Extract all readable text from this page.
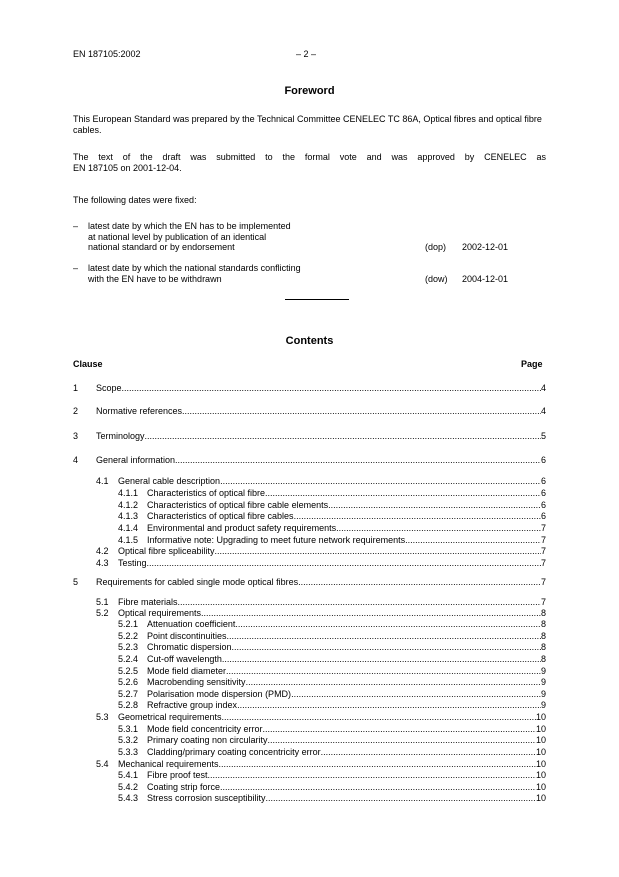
EN 187105:2002	– 2 –
Foreword
This European Standard was prepared by the Technical Committee CENELEC TC 86A, Optical fibres and optical fibre cables.
The text of the draft was submitted to the formal vote and was approved by CENELEC as
EN 187105 on 2001-12-04.
The following dates were fixed:
– latest date by which the EN has to be implemented
at national level by publication of an identical
national standard or by endorsement	(dop) 2002-12-01
– latest date by which the national standards conflicting
with the EN have to be withdrawn	(dow) 2004-12-01
Contents
Clause	Page
1	Scope .....	4
2	Normative references .....	4
3	Terminology .....	5
4	General information .....	6
4.1	General cable description .....	6
4.1.1 Characteristics of optical fibre .....	6
4.1.2 Characteristics of optical fibre cable elements .....	6
4.1.3 Characteristics of optical fibre cables .....	6
4.1.4 Environmental and product safety requirements .....	7
4.1.5 Informative note: Upgrading to meet future network requirements .....	7
4.2	Optical fibre spliceability .....	7
4.3	Testing .....	7
5	Requirements for cabled single mode optical fibres .....	7
5.1	Fibre materials .....	7
5.2	Optical requirements .....	8
5.2.1 Attenuation coefficient .....	8
5.2.2 Point discontinuities .....	8
5.2.3 Chromatic dispersion .....	8
5.2.4 Cut-off wavelength .....	8
5.2.5 Mode field diameter .....	9
5.2.6 Macrobending sensitivity .....	9
5.2.7 Polarisation mode dispersion (PMD) .....	9
5.2.8 Refractive group index .....	9
5.3	Geometrical requirements .....	10
5.3.1 Mode field concentricity error .....	10
5.3.2 Primary coating non circularity .....	10
5.3.3 Cladding/primary coating concentricity error .....	10
5.4	Mechanical requirements .....	10
5.4.1 Fibre proof test .....	10
5.4.2 Coating strip force .....	10
5.4.3 Stress corrosion susceptibility .....	10
